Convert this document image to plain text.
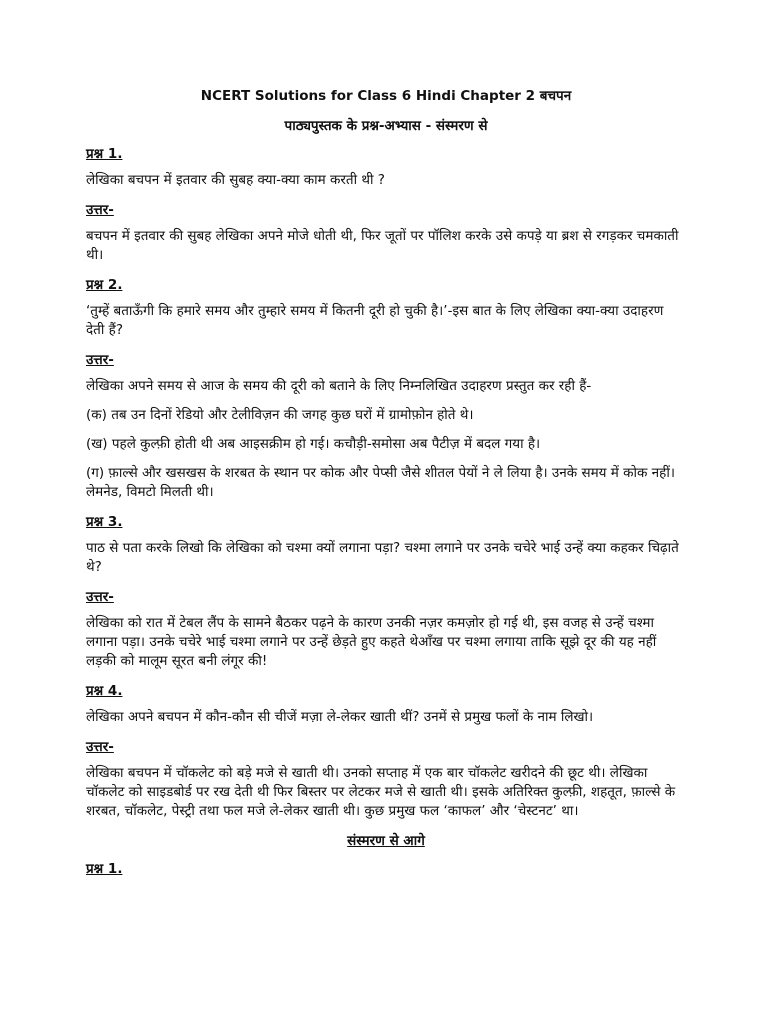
NCERT Solutions for Class 6 Hindi Chapter 2 बचपन
पाठ्यपुस्तक के प्रश्न-अभ्यास - संस्मरण से
प्रश्न 1.
लेखिका बचपन में इतवार की सुबह क्या-क्या काम करती थी ?
उत्तर-
बचपन में इतवार की सुबह लेखिका अपने मोजे धोती थी, फिर जूतों पर पॉलिश करके उसे कपड़े या ब्रश से रगड़कर चमकाती थी।
प्रश्न 2.
‘तुम्हें बताऊँगी कि हमारे समय और तुम्हारे समय में कितनी दूरी हो चुकी है।’-इस बात के लिए लेखिका क्या-क्या उदाहरण देती हैं?
उत्तर-
लेखिका अपने समय से आज के समय की दूरी को बताने के लिए निम्नलिखित उदाहरण प्रस्तुत कर रही हैं-
(क) तब उन दिनों रेडियो और टेलीविज़न की जगह कुछ घरों में ग्रामोफ़ोन होते थे।
(ख) पहले कुल्फ़ी होती थी अब आइसक्रीम हो गई। कचौड़ी-समोसा अब पैटीज़ में बदल गया है।
(ग) फ़ाल्से और खसखस के शरबत के स्थान पर कोक और पेप्सी जैसे शीतल पेयों ने ले लिया है। उनके समय में कोक नहीं। लेमनेड, विमटो मिलती थी।
प्रश्न 3.
पाठ से पता करके लिखो कि लेखिका को चश्मा क्यों लगाना पड़ा? चश्मा लगाने पर उनके चचेरे भाई उन्हें क्या कहकर चिढ़ाते थे?
उत्तर-
लेखिका को रात में टेबल लैंप के सामने बैठकर पढ़ने के कारण उनकी नज़र कमज़ोर हो गई थी, इस वजह से उन्हें चश्मा लगाना पड़ा। उनके चचेरे भाई चश्मा लगाने पर उन्हें छेड़ते हुए कहते थेआँख पर चश्मा लगाया ताकि सूझे दूर की यह नहीं लड़की को मालूम सूरत बनी लंगूर की!
प्रश्न 4.
लेखिका अपने बचपन में कौन-कौन सी चीजें मज़ा ले-लेकर खाती थीं? उनमें से प्रमुख फलों के नाम लिखो।
उत्तर-
लेखिका बचपन में चॉकलेट को बड़े मजे से खाती थी। उनको सप्ताह में एक बार चॉकलेट खरीदने की छूट थी। लेखिका चॉकलेट को साइडबोर्ड पर रख देती थी फिर बिस्तर पर लेटकर मजे से खाती थी। इसके अतिरिक्त कुल्फ़ी, शहतूत, फ़ाल्से के शरबत, चॉकलेट, पेस्ट्री तथा फल मजे ले-लेकर खाती थी। कुछ प्रमुख फल ‘काफल’ और ‘चेस्टनट’ था।
संस्मरण से आगे
प्रश्न 1.
